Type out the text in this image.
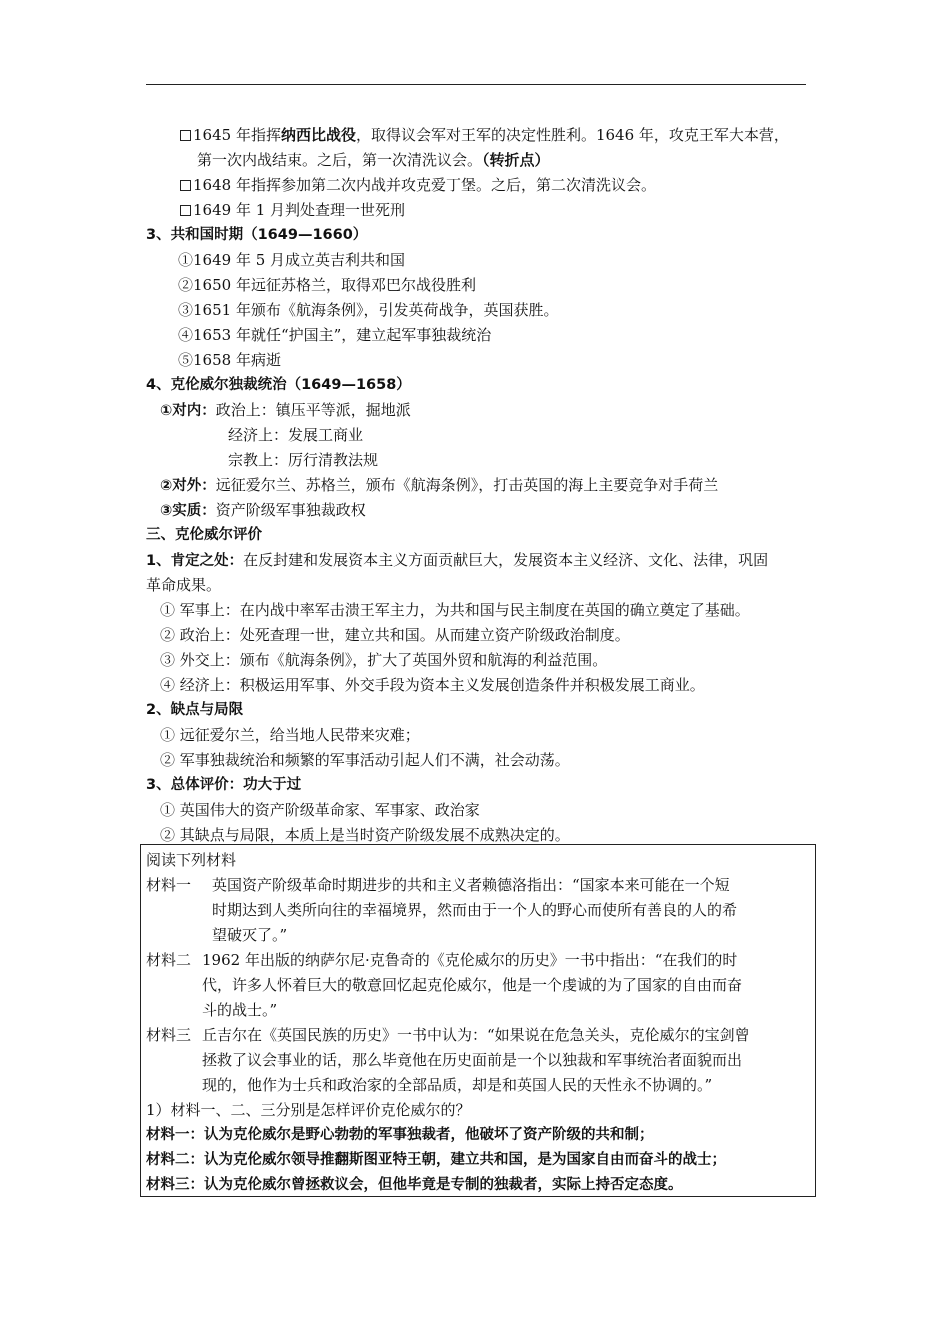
1645 年指挥纳西比战役，取得议会军对王军的决定性胜利。1646 年，攻克王军大本营，
第一次内战结束。之后，第一次清洗议会。（转折点）
1648 年指挥参加第二次内战并攻克爱丁堡。之后，第二次清洗议会。
1649 年 1 月判处查理一世死刑
3、共和国时期（1649—1660）
①1649 年 5 月成立英吉利共和国
②1650 年远征苏格兰，取得邓巴尔战役胜利
③1651 年颁布《航海条例》，引发英荷战争，英国获胜。
④1653 年就任“护国主”，建立起军事独裁统治
⑤1658 年病逝
4、克伦威尔独裁统治（1649—1658）
①对内：政治上：镇压平等派，掘地派
经济上：发展工商业
宗教上：厉行清教法规
②对外：远征爱尔兰、苏格兰，颁布《航海条例》，打击英国的海上主要竞争对手荷兰
③实质：资产阶级军事独裁政权
三、克伦威尔评价
1、肯定之处：在反封建和发展资本主义方面贡献巨大，发展资本主义经济、文化、法律，巩固
革命成果。
① 军事上：在内战中率军击溃王军主力，为共和国与民主制度在英国的确立奠定了基础。
② 政治上：处死查理一世，建立共和国。从而建立资产阶级政治制度。
③ 外交上：颁布《航海条例》，扩大了英国外贸和航海的利益范围。
④ 经济上：积极运用军事、外交手段为资本主义发展创造条件并积极发展工商业。
2、缺点与局限
① 远征爱尔兰，给当地人民带来灾难；
② 军事独裁统治和频繁的军事活动引起人们不满，社会动荡。
3、总体评价：功大于过
① 英国伟大的资产阶级革命家、军事家、政治家
② 其缺点与局限，本质上是当时资产阶级发展不成熟决定的。
阅读下列材料
材料一 英国资产阶级革命时期进步的共和主义者赖德洛指出：“国家本来可能在一个短
时期达到人类所向往的幸福境界，然而由于一个人的野心而使所有善良的人的希
望破灭了。”
材料二 1962 年出版的纳萨尔尼·克鲁奇的《克伦威尔的历史》一书中指出：“在我们的时
代，许多人怀着巨大的敬意回忆起克伦威尔，他是一个虔诚的为了国家的自由而奋
斗的战士。”
材料三 丘吉尔在《英国民族的历史》一书中认为：“如果说在危急关头，克伦威尔的宝剑曾
拯救了议会事业的话，那么毕竟他在历史面前是一个以独裁和军事统治者面貌而出
现的，他作为士兵和政治家的全部品质，却是和英国人民的天性永不协调的。”
1）材料一、二、三分别是怎样评价克伦威尔的？
材料一：认为克伦威尔是野心勃勃的军事独裁者，他破坏了资产阶级的共和制；
材料二：认为克伦威尔领导推翻斯图亚特王朝，建立共和国，是为国家自由而奋斗的战士；
材料三：认为克伦威尔曾拯救议会，但他毕竟是专制的独裁者，实际上持否定态度。
